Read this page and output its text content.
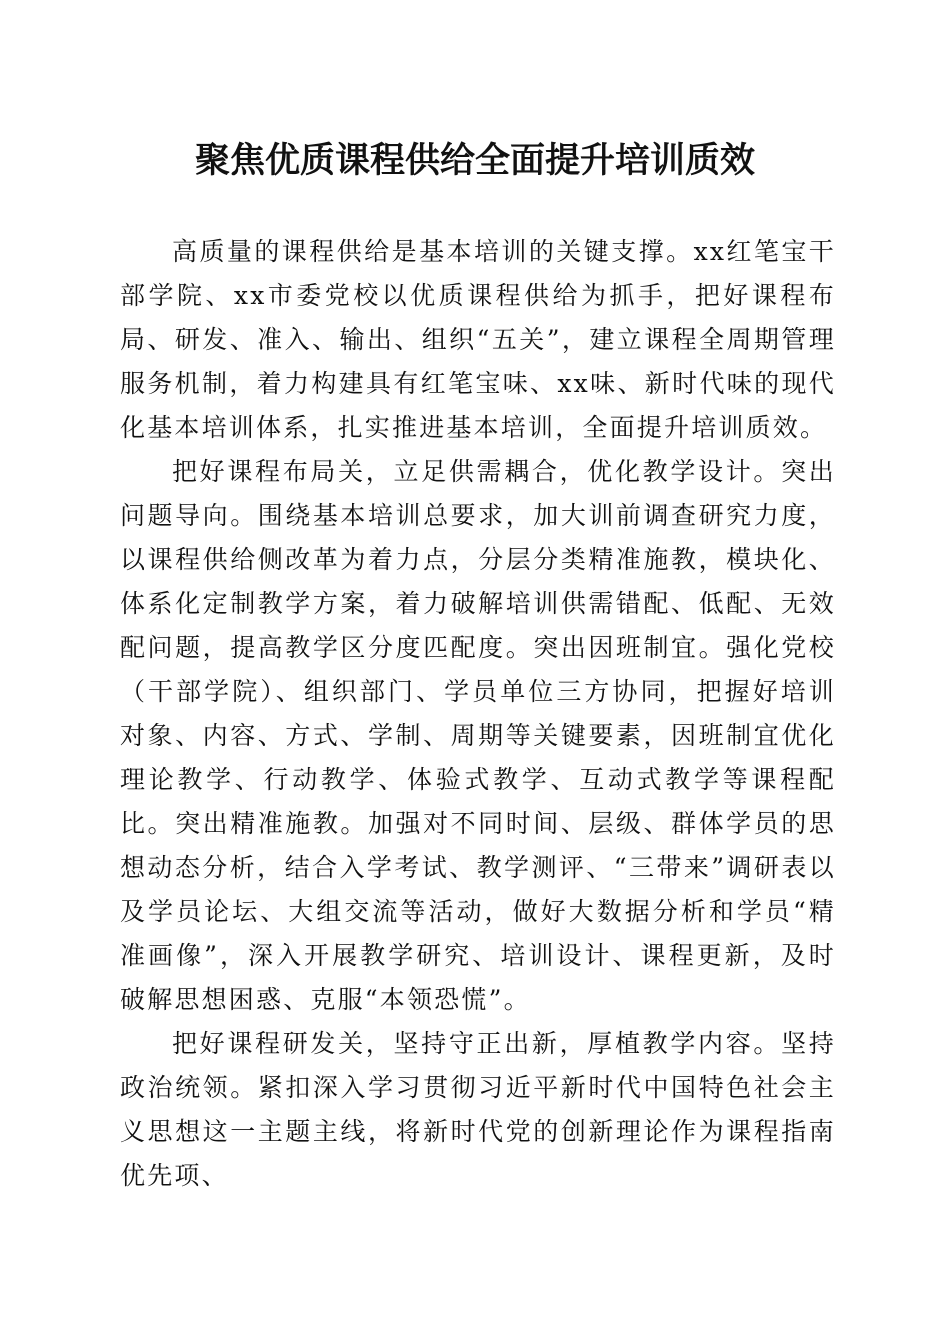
聚焦优质课程供给全面提升培训质效

高质量的课程供给是基本培训的关键支撑。xx红笔宝干部学院、xx市委党校以优质课程供给为抓手，把好课程布局、研发、准入、输出、组织“五关”，建立课程全周期管理服务机制，着力构建具有红笔宝味、xx味、新时代味的现代化基本培训体系，扎实推进基本培训，全面提升培训质效。

把好课程布局关，立足供需耦合，优化教学设计。突出问题导向。围绕基本培训总要求，加大训前调查研究力度，以课程供给侧改革为着力点，分层分类精准施教，模块化、体系化定制教学方案，着力破解培训供需错配、低配、无效配问题，提高教学区分度匹配度。突出因班制宜。强化党校（干部学院）、组织部门、学员单位三方协同，把握好培训对象、内容、方式、学制、周期等关键要素，因班制宜优化理论教学、行动教学、体验式教学、互动式教学等课程配比。突出精准施教。加强对不同时间、层级、群体学员的思想动态分析，结合入学考试、教学测评、“三带来”调研表以及学员论坛、大组交流等活动，做好大数据分析和学员“精准画像”，深入开展教学研究、培训设计、课程更新，及时破解思想困惑、克服“本领恐慌”。

把好课程研发关，坚持守正出新，厚植教学内容。坚持政治统领。紧扣深入学习贯彻习近平新时代中国特色社会主义思想这一主题主线，将新时代党的创新理论作为课程指南优先项、
